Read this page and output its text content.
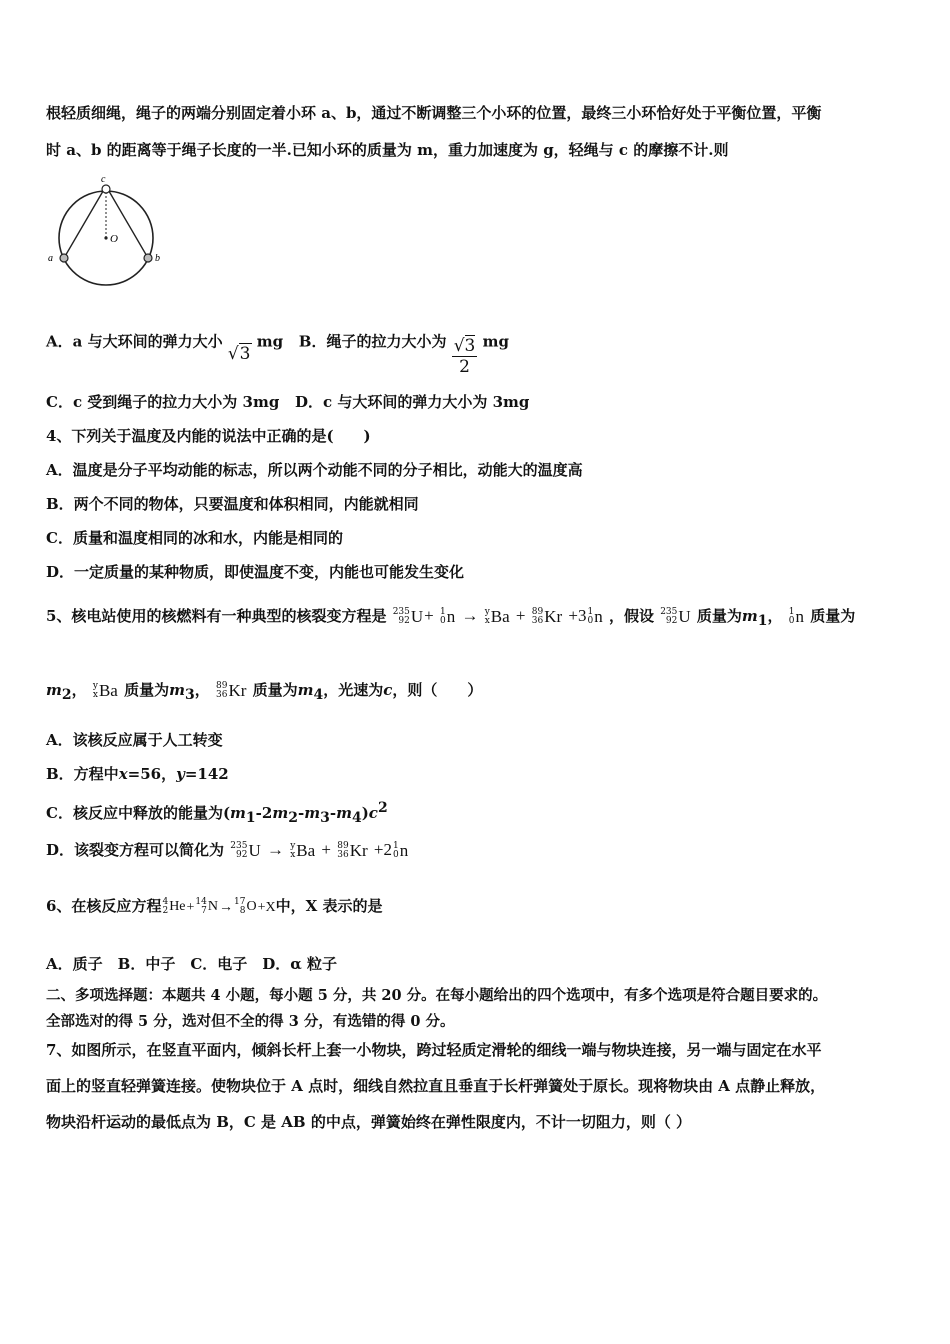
根轻质细绳，绳子的两端分别固定着小环 a、b，通过不断调整三个小环的位置，最终三小环恰好处于平衡位置，平衡
时 a、b 的距离等于绳子长度的一半.已知小环的质量为 m，重力加速度为 g，轻绳与 c 的摩擦不计.则
c
O
a	b
A．a 与大环间的弹力大小 √3 mg B．绳子的拉力大小为 $\frac{√3}{2}$ mg
C．c 受到绳子的拉力大小为 3mg D．c 与大环间的弹力大小为 3mg
4、下列关于温度及内能的说法中正确的是(　　)
A．温度是分子平均动能的标志，所以两个动能不同的分子相比，动能大的温度高
B．两个不同的物体，只要温度和体积相同，内能就相同
C．质量和温度相同的冰和水，内能是相同的
D．一定质量的某种物质，即使温度不变，内能也可能发生变化
5、核电站使用的核燃料有一种典型的核裂变方程是 235
92 U + 1
0 n → y
x Ba + 89
36 Kr +3 1
0 n ，假设 235
92 U 质量为$m_1$， 1
0 n 质量为
$m_2$， y
x Ba 质量为$m_3$， 89
36 Kr 质量为$m_4$，光速为c，则（　　）
A．该核反应属于人工转变
B．方程中x=56，y=142
C．核反应中释放的能量为$(m_1-2m_2-m_3-m_4)c^2$
D．该裂变方程可以简化为 235
92 U → y
x Ba + 89
36 Kr +2 1
0 n
6、在核反应方程 4
2 He + 14
7 N → 17
8 O +X中，X 表示的是
A．质子　B．中子　C．电子　D．α 粒子
二、多项选择题：本题共 4 小题，每小题 5 分，共 20 分。在每小题给出的四个选项中，有多个选项是符合题目要求的。
全部选对的得 5 分，选对但不全的得 3 分，有选错的得 0 分。
7、如图所示，在竖直平面内，倾斜长杆上套一小物块，跨过轻质定滑轮的细线一端与物块连接，另一端与固定在水平
面上的竖直轻弹簧连接。使物块位于 A 点时，细线自然拉直且垂直于长杆弹簧处于原长。现将物块由 A 点静止释放，
物块沿杆运动的最低点为 B，C 是 AB 的中点，弹簧始终在弹性限度内，不计一切阻力，则（ ）
